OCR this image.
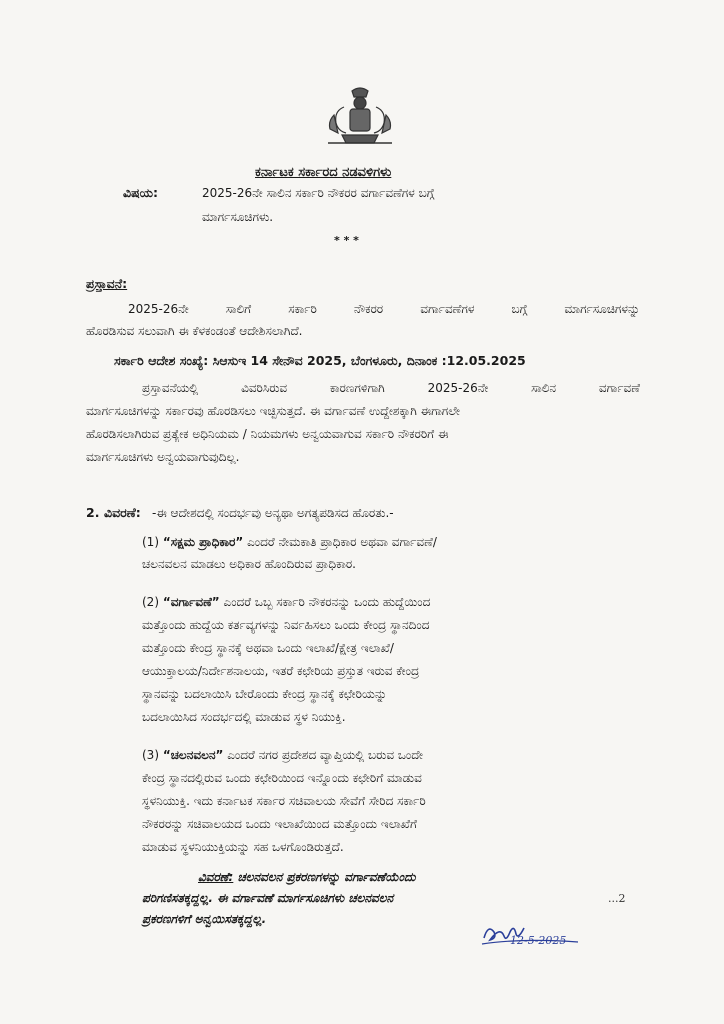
ಕರ್ನಾಟಕ ಸರ್ಕಾರದ ನಡವಳಿಗಳು
ವಿಷಯ:	2025-26ನೇ ಸಾಲಿನ ಸರ್ಕಾರಿ ನೌಕರರ ವರ್ಗಾವಣೆಗಳ ಬಗ್ಗೆ
ಮಾರ್ಗಸೂಚಿಗಳು.
* * *
ಪ್ರಸ್ತಾವನೆ:
2025-26ನೇ ಸಾಲಿಗೆ ಸರ್ಕಾರಿ ನೌಕರರ ವರ್ಗಾವಣೆಗಳ ಬಗ್ಗೆ ಮಾರ್ಗಸೂಚಿಗಳನ್ನು
ಹೊರಡಿಸುವ ಸಲುವಾಗಿ ಈ ಕೆಳಕಂಡಂತೆ ಆದೇಶಿಸಲಾಗಿದೆ.
ಸರ್ಕಾರಿ ಆದೇಶ ಸಂಖ್ಯೆ: ಸಿಆಸುಇ 14 ಸೇನೌವ 2025, ಬೆಂಗಳೂರು, ದಿನಾಂಕ :12.05.2025
ಪ್ರಸ್ತಾವನೆಯಲ್ಲಿ ವಿವರಿಸಿರುವ ಕಾರಣಗಳಿಗಾಗಿ 2025-26ನೇ ಸಾಲಿನ ವರ್ಗಾವಣೆ
ಮಾರ್ಗಸೂಚಿಗಳನ್ನು ಸರ್ಕಾರವು ಹೊರಡಿಸಲು ಇಚ್ಛಿಸುತ್ತದೆ. ಈ ವರ್ಗಾವಣೆ ಉದ್ದೇಶಕ್ಕಾಗಿ ಈಗಾಗಲೇ
ಹೊರಡಿಸಲಾಗಿರುವ ಪ್ರತ್ಯೇಕ ಅಧಿನಿಯಮ / ನಿಯಮಗಳು ಅನ್ವಯವಾಗುವ ಸರ್ಕಾರಿ ನೌಕರರಿಗೆ ಈ
ಮಾರ್ಗಸೂಚಿಗಳು ಅನ್ವಯವಾಗುವುದಿಲ್ಲ.
2. ವಿವರಣೆ: -ಈ ಆದೇಶದಲ್ಲಿ ಸಂದರ್ಭವು ಅನ್ಯಥಾ ಅಗತ್ಯಪಡಿಸದ ಹೊರತು.-
(1) “ಸಕ್ಷಮ ಪ್ರಾಧಿಕಾರ” ಎಂದರೆ ನೇಮಕಾತಿ ಪ್ರಾಧಿಕಾರ ಅಥವಾ ವರ್ಗಾವಣೆ/
ಚಲನವಲನ ಮಾಡಲು ಅಧಿಕಾರ ಹೊಂದಿರುವ ಪ್ರಾಧಿಕಾರ.
(2) “ವರ್ಗಾವಣೆ” ಎಂದರೆ ಒಬ್ಬ ಸರ್ಕಾರಿ ನೌಕರನನ್ನು ಒಂದು ಹುದ್ದೆಯಿಂದ
ಮತ್ತೊಂದು ಹುದ್ದೆಯ ಕರ್ತವ್ಯಗಳನ್ನು ನಿರ್ವಹಿಸಲು ಒಂದು ಕೇಂದ್ರ ಸ್ಥಾನದಿಂದ
ಮತ್ತೊಂದು ಕೇಂದ್ರ ಸ್ಥಾನಕ್ಕೆ ಅಥವಾ ಒಂದು ಇಲಾಖೆ/ಕ್ಷೇತ್ರ ಇಲಾಖೆ/
ಆಯುಕ್ತಾಲಯ/ನಿರ್ದೇಶನಾಲಯ, ಇತರೆ ಕಛೇರಿಯ ಪ್ರಸ್ತುತ ಇರುವ ಕೇಂದ್ರ
ಸ್ಥಾನವನ್ನು ಬದಲಾಯಿಸಿ ಬೇರೊಂದು ಕೇಂದ್ರ ಸ್ಥಾನಕ್ಕೆ ಕಛೇರಿಯನ್ನು
ಬದಲಾಯಿಸಿದ ಸಂದರ್ಭದಲ್ಲಿ ಮಾಡುವ ಸ್ಥಳ ನಿಯುಕ್ತಿ.
(3) “ಚಲನವಲನ” ಎಂದರೆ ನಗರ ಪ್ರದೇಶದ ವ್ಯಾಪ್ತಿಯಲ್ಲಿ ಬರುವ ಒಂದೇ
ಕೇಂದ್ರ ಸ್ಥಾನದಲ್ಲಿರುವ ಒಂದು ಕಛೇರಿಯಿಂದ ಇನ್ನೊಂದು ಕಛೇರಿಗೆ ಮಾಡುವ
ಸ್ಥಳನಿಯುಕ್ತಿ. ಇದು ಕರ್ನಾಟಕ ಸರ್ಕಾರ ಸಚಿವಾಲಯ ಸೇವೆಗೆ ಸೇರಿದ ಸರ್ಕಾರಿ
ನೌಕರರನ್ನು ಸಚಿವಾಲಯದ ಒಂದು ಇಲಾಖೆಯಿಂದ ಮತ್ತೊಂದು ಇಲಾಖೆಗೆ
ಮಾಡುವ ಸ್ಥಳನಿಯುಕ್ತಿಯನ್ನು ಸಹ ಒಳಗೊಂಡಿರುತ್ತದೆ.
ವಿವರಣೆ: ಚಲನವಲನ ಪ್ರಕರಣಗಳನ್ನು ವರ್ಗಾವಣೆಯೆಂದು
ಪರಿಗಣಿಸತಕ್ಕದ್ದಲ್ಲ. ಈ ವರ್ಗಾವಣೆ ಮಾರ್ಗಸೂಚಿಗಳು ಚಲನವಲನ
ಪ್ರಕರಣಗಳಿಗೆ ಅನ್ವಯಿಸತಕ್ಕದ್ದಲ್ಲ.
...2
12-5-2025
